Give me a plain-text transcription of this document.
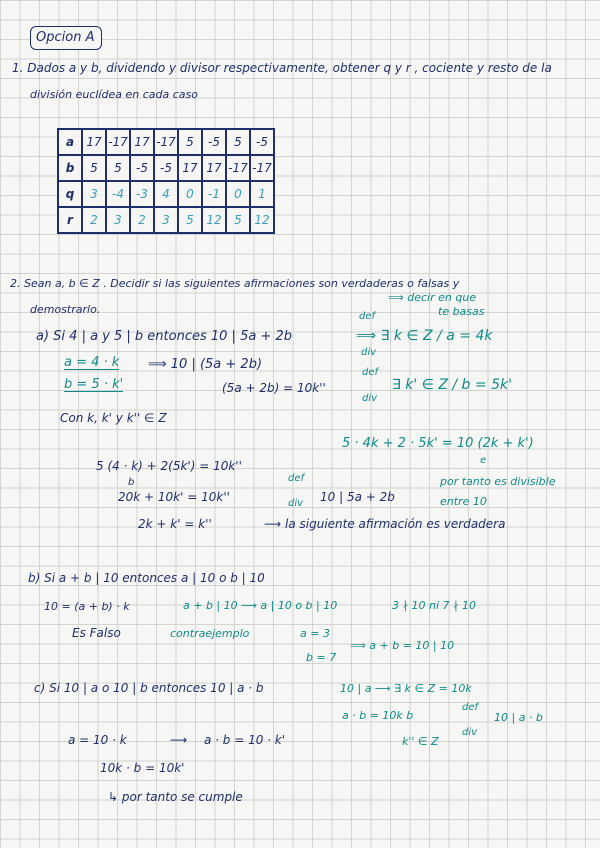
Opcion A
1. Dados a y b, dividendo y divisor respectivamente, obtener q y r , cociente y resto de la
división euclídea en cada caso
a	17	-17	17	-17	5	-5	5	-5
b	5	5	-5	-5	17	17	-17	-17
q	3	-4	-3	4	0	-1	0	1
r	2	3	2	3	5	12	5	12
2. Sean a, b ∈ Z . Decidir si las siguientes afirmaciones son verdaderas o falsas y
demostrarlo.
⟹ decir en que
te basas
a) Si 4 | a y 5 | b entonces 10 | 5a + 2b
def
div
⟹ ∃ k ∈ Z / a = 4k
a = 4 · k
b = 5 · k'
⟹ 10 | (5a + 2b)
(5a + 2b) = 10k''
def
div
∃ k' ∈ Z / b = 5k'
Con k, k' y k'' ∈ Z
5 · 4k + 2 · 5k' = 10 (2k + k')
e
por tanto es divisible
entre 10
5 (4 · k) + 2(5k') = 10k''
b
20k + 10k' = 10k''
def
div 10 | 5a + 2b
2k + k' = k''	⟶ la siguiente afirmación es verdadera
b) Si a + b | 10 entonces a | 10 o b | 10
10 = (a + b) · k	a + b | 10 ⟶ a | 10 o b | 10	3 ∤ 10 ni 7 ∤ 10
Es Falso	contraejemplo	a = 3
b = 7
⟹ a + b = 10 | 10
c) Si 10 | a o 10 | b entonces 10 | a · b	10 | a ⟶ ∃ k ∈ Z = 10k
a · b = 10k b
def
div
10 | a · b
k'' ∈ Z
a = 10 · k	⟶ a · b = 10 · k'
10k · b = 10k'
↳ por tanto se cumple
